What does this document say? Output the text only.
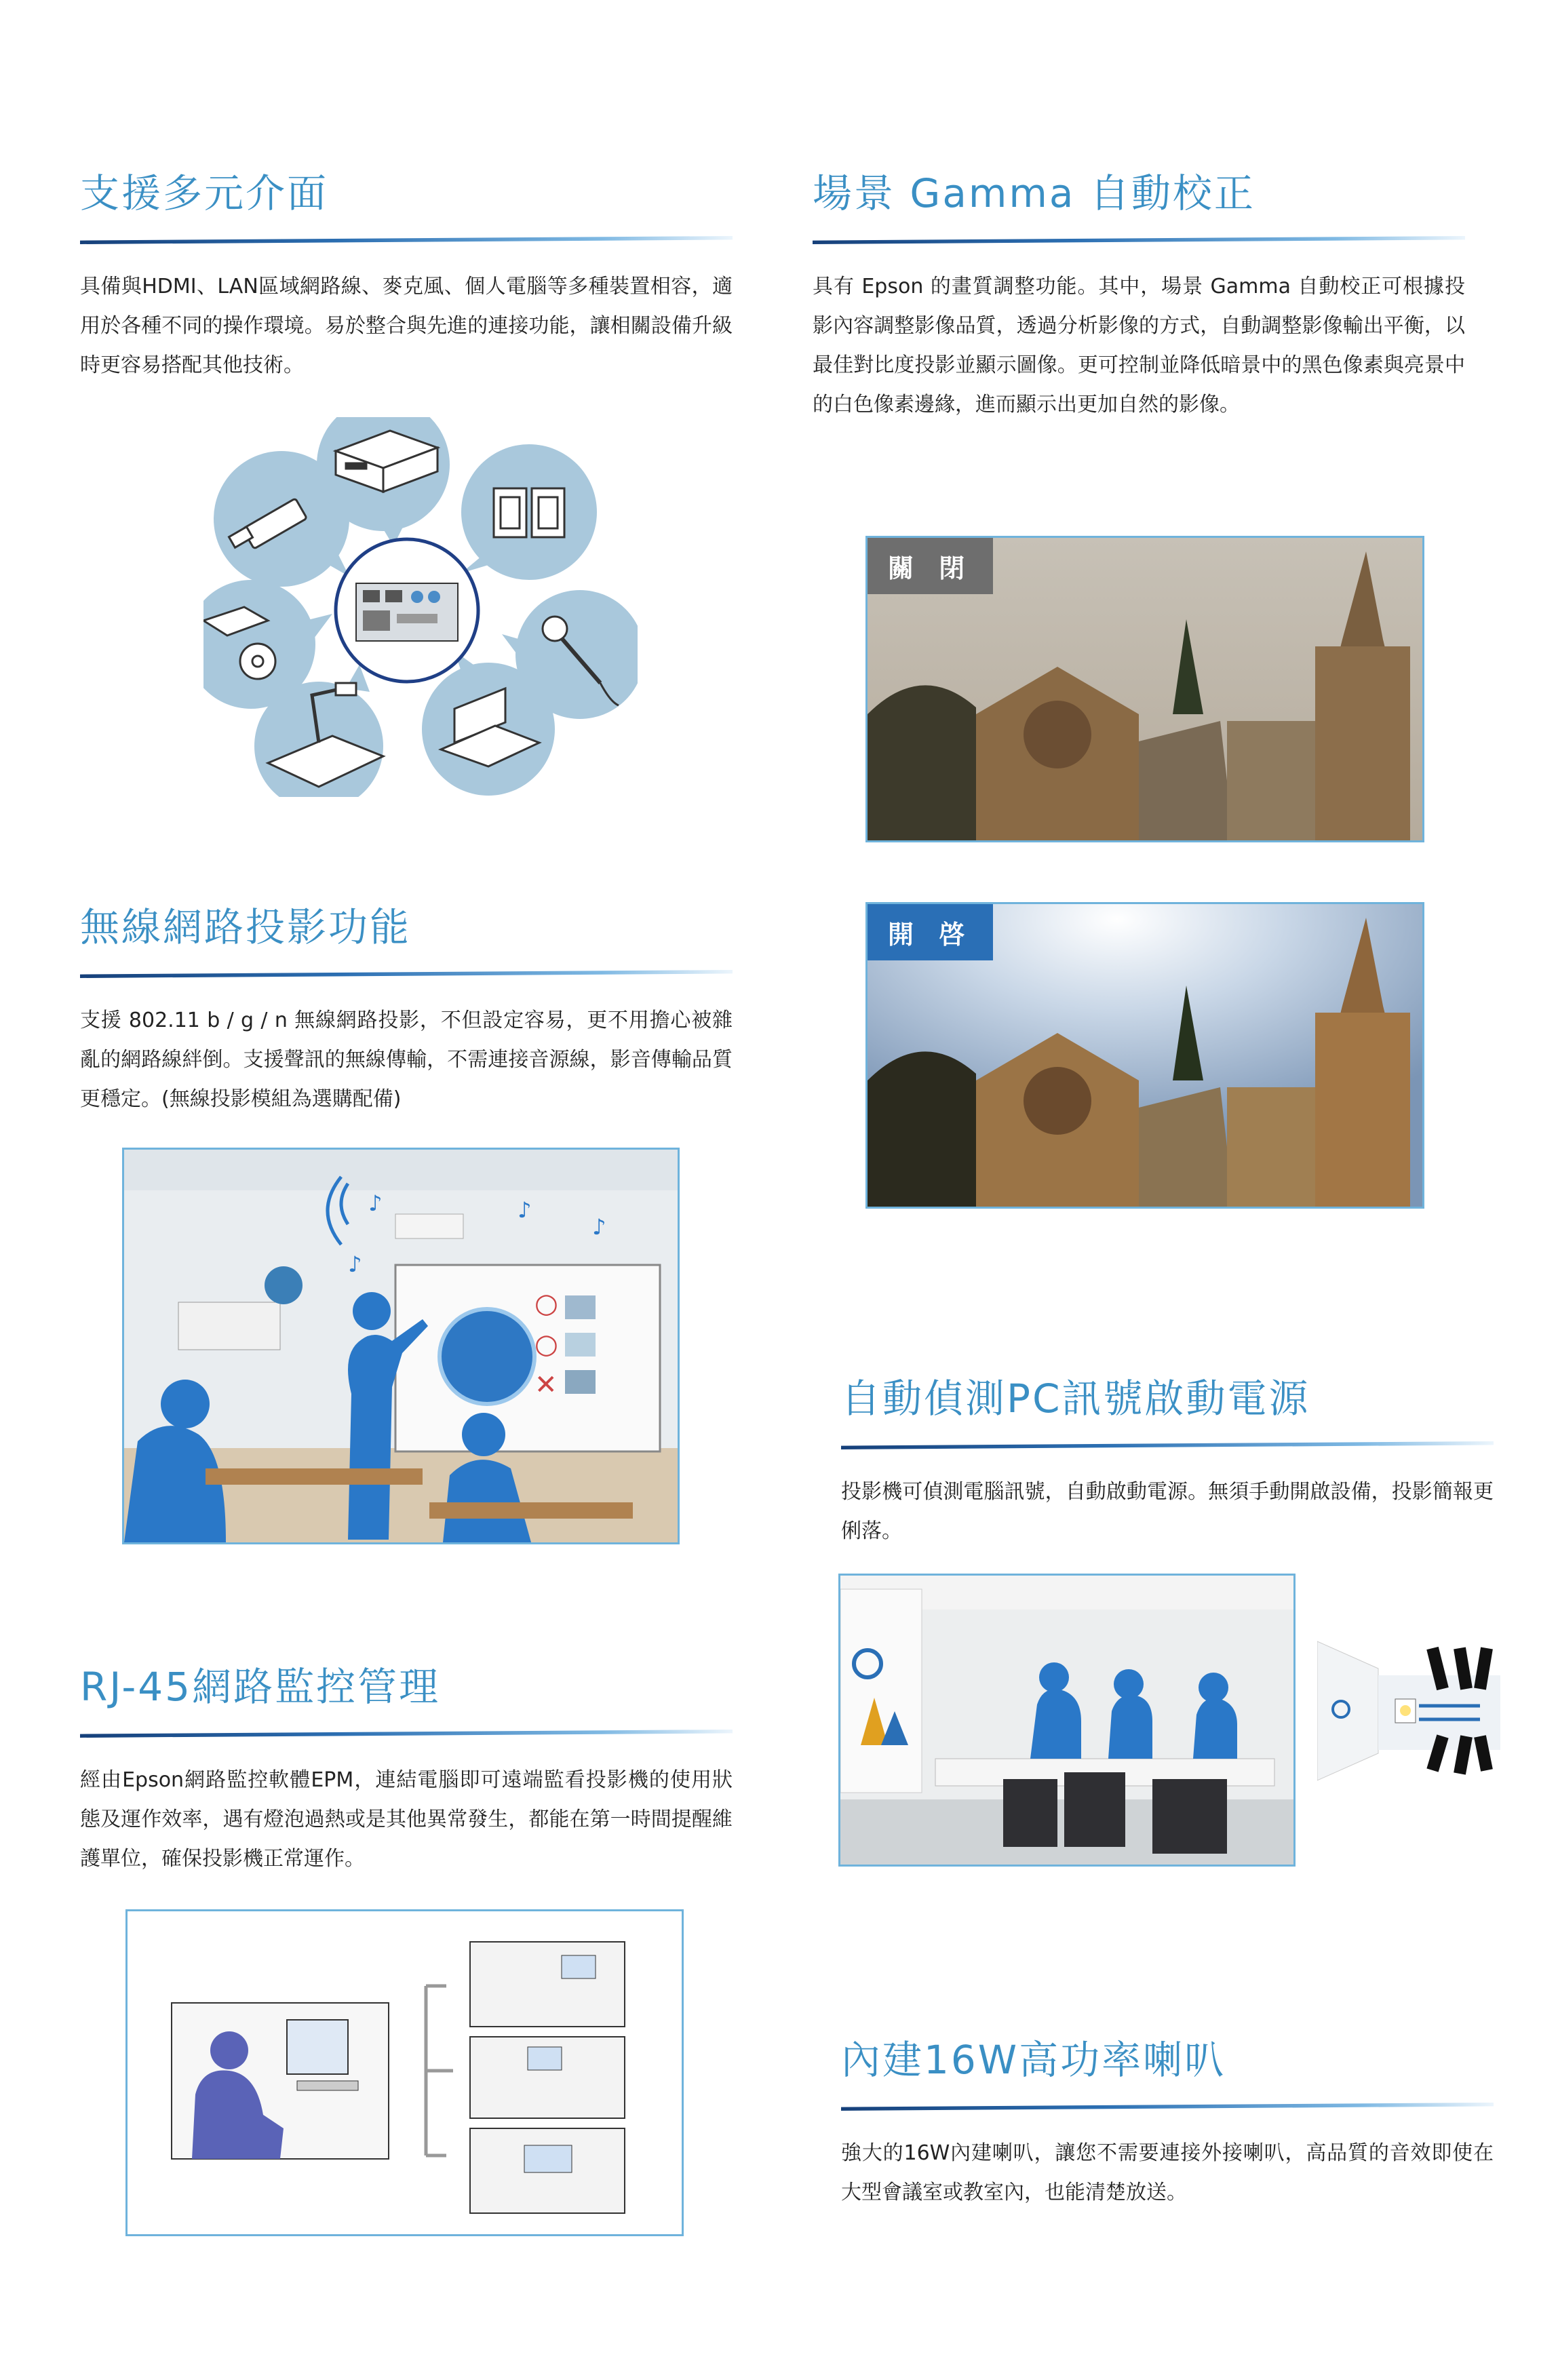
支援多元介面

具備與HDMI、LAN區域網路線、麥克風、個人電腦等多種裝置相容，適用於各種不同的操作環境。易於整合與先進的連接功能，讓相關設備升級時更容易搭配其他技術。

無線網路投影功能

支援 802.11 b / g / n 無線網路投影，不但設定容易，更不用擔心被雜亂的網路線絆倒。支援聲訊的無線傳輸，不需連接音源線，影音傳輸品質更穩定。(無線投影模組為選購配備)

♪	♪
♪
♪
○
○
✕
RJ-45網路監控管理

經由Epson網路監控軟體EPM，連結電腦即可遠端監看投影機的使用狀態及運作效率，遇有燈泡過熱或是其他異常發生，都能在第一時間提醒維護單位，確保投影機正常運作。

場景 Gamma 自動校正

具有 Epson 的畫質調整功能。其中，場景 Gamma 自動校正可根據投影內容調整影像品質，透過分析影像的方式，自動調整影像輸出平衡，以最佳對比度投影並顯示圖像。更可控制並降低暗景中的黑色像素與亮景中的白色像素邊緣，進而顯示出更加自然的影像。

關 閉
開 啓
自動偵測PC訊號啟動電源

投影機可偵測電腦訊號，自動啟動電源。無須手動開啟設備，投影簡報更俐落。

內建16W高功率喇叭

強大的16W內建喇叭，讓您不需要連接外接喇叭，高品質的音效即使在大型會議室或教室內，也能清楚放送。
